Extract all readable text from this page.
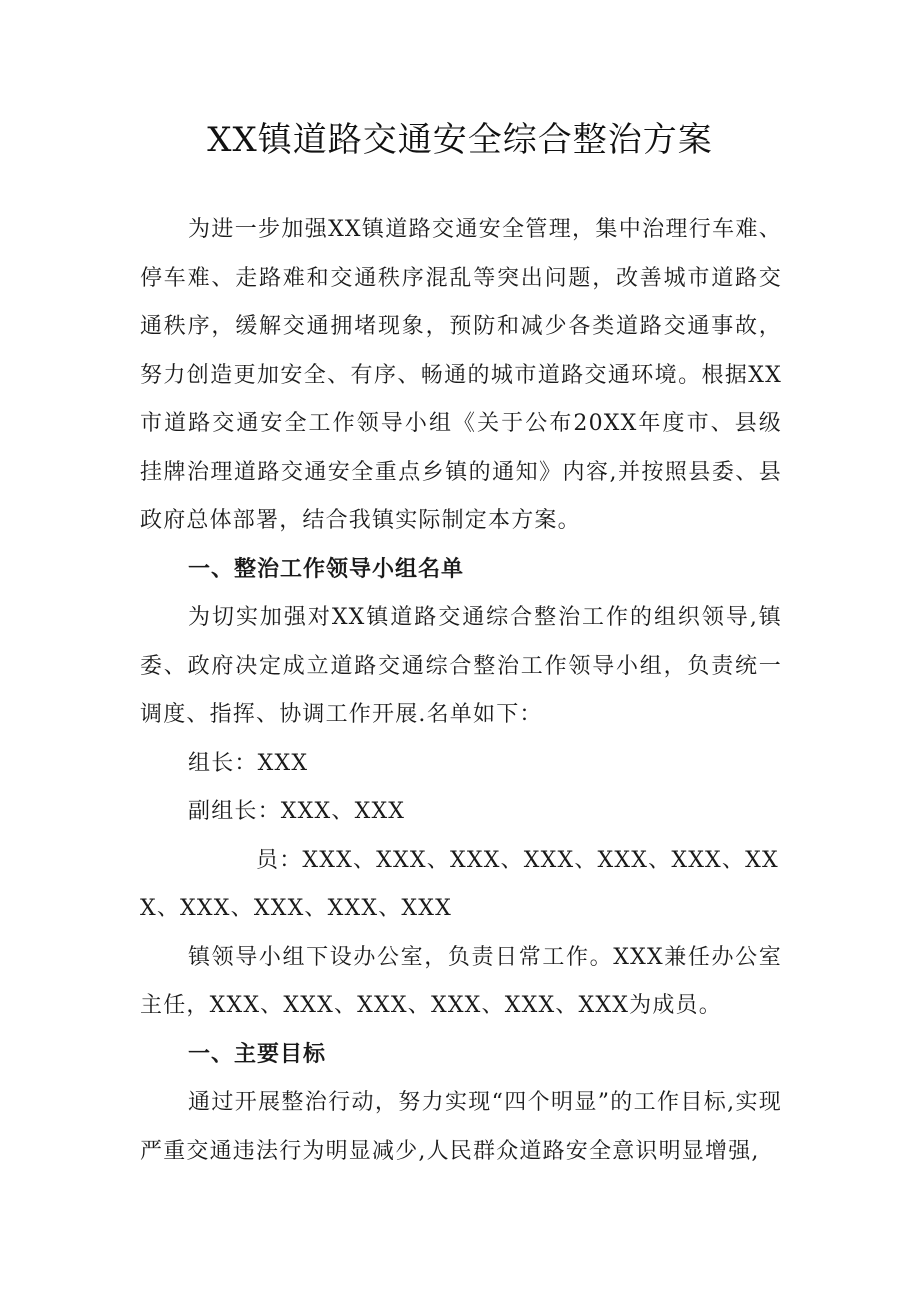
XX镇道路交通安全综合整治方案

为进一步加强XX镇道路交通安全管理，集中治理行车难、停车难、走路难和交通秩序混乱等突出问题，改善城市道路交通秩序，缓解交通拥堵现象，预防和减少各类道路交通事故，努力创造更加安全、有序、畅通的城市道路交通环境。根据XX市道路交通安全工作领导小组《关于公布20XX年度市、县级挂牌治理道路交通安全重点乡镇的通知》内容,并按照县委、县政府总体部署，结合我镇实际制定本方案。

一、整治工作领导小组名单

为切实加强对XX镇道路交通综合整治工作的组织领导,镇委、政府决定成立道路交通综合整治工作领导小组，负责统一调度、指挥、协调工作开展.名单如下：

组长：XXX

副组长：XXX、XXX

员：XXX、XXX、XXX、XXX、XXX、XXX、XXX、XXX、XXX、XXX、XXX

镇领导小组下设办公室，负责日常工作。XXX兼任办公室主任，XXX、XXX、XXX、XXX、XXX、XXX为成员。

一、主要目标

通过开展整治行动，努力实现“四个明显”的工作目标,实现严重交通违法行为明显减少,人民群众道路安全意识明显增强,
